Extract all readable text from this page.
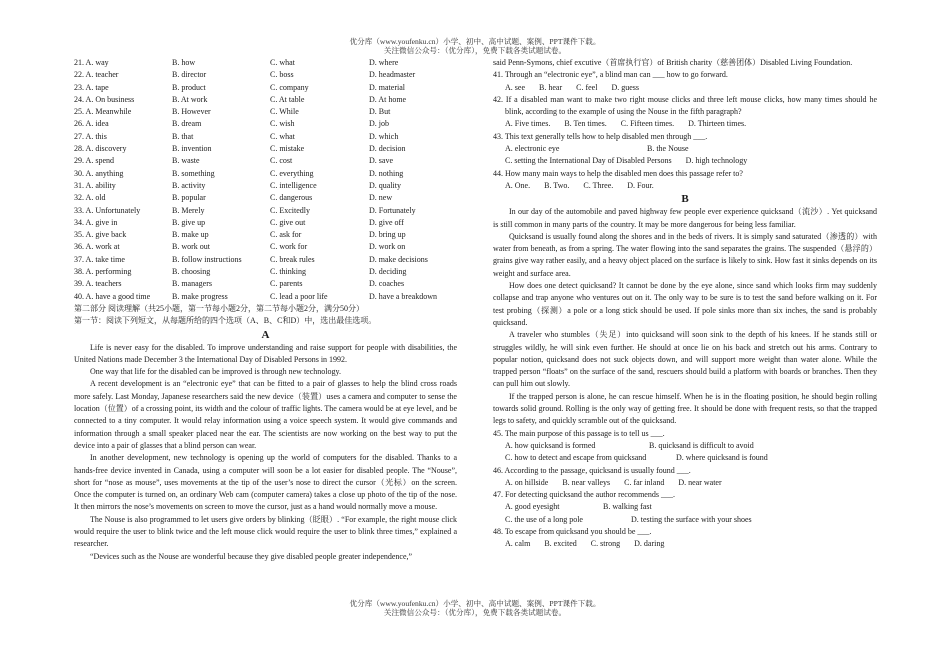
优分库（www.youfenku.cn）小学、初中、高中试题、案例、PPT课件下载。
关注微信公众号：（优分库），免费下载各类试题试卷。
21. A. way	B. how	C. what	D. where
22. A. teacher	B. director	C. boss	D. headmaster
23. A. tape	B. product	C. company	D. material
24. A. On business	B. At work	C. At table	D. At home
25. A. Meanwhile	B. However	C. While	D. But
26. A. idea	B. dream	C. wish	D. job
27. A. this	B. that	C. what	D. which
28. A. discovery	B. invention	C. mistake	D. decision
29. A. spend	B. waste	C. cost	D. save
30. A. anything	B. something	C. everything	D. nothing
31. A. ability	B. activity	C. intelligence	D. quality
32. A. old	B. popular	C. dangerous	D. new
33. A. Unfortunately	B. Merely	C. Excitedly	D. Fortunately
34. A. give in	B. give up	C. give out	D. give off
35. A. give back	B. make up	C. ask for	D. bring up
36. A. work at	B. work out	C. work for	D. work on
37. A. take time	B. follow instructions	C. break rules	D. make decisions
38. A. performing	B. choosing	C. thinking	D. deciding
39. A. teachers	B. managers	C. parents	D. coaches
40. A. have a good time	B. make progress	C. lead a poor life	D. have a breakdown
第二部分 阅读理解（共25小题，第一节每小题2分，第二节每小题2分，满分50分）
第一节：阅读下列短文，从每题所给的四个选项（A、B、C和D）中，选出最佳选项。
A

Life is never easy for the disabled. To improve understanding and raise support for people with disabilities, the United Nations made December 3 the International Day of Disabled Persons in 1992.

One way that life for the disabled can be improved is through new technology.

A recent development is an “electronic eye” that can be fitted to a pair of glasses to help the blind cross roads more safely. Last Monday, Japanese researchers said the new device（装置）uses a camera and computer to sense the location（位置）of a crossing point, its width and the colour of traffic lights. The camera would be at eye level, and be connected to a tiny computer. It would relay information using a voice speech system. It would give commands and information through a small speaker placed near the ear. The scientists are now working on the best way to put the device into a pair of glasses that a blind person can wear.

In another development, new technology is opening up the world of computers for the disabled. Thanks to a hands-free device invented in Canada, using a computer will soon be a lot easier for disabled people. The “Nouse”, short for “nose as mouse”, uses movements at the tip of the user’s nose to direct the cursor（光标）on the screen. Once the computer is turned on, an ordinary Web cam (computer camera) takes a close up photo of the tip of the nose. It then mirrors the nose’s movements on screen to move the cursor, just as a hand would normally move a mouse.

The Nouse is also programmed to let users give orders by blinking（眨眼）. “For example, the right mouse click would require the user to blink twice and the left mouse click would require the user to blink three times,” explained a researcher.

“Devices such as the Nouse are wonderful because they give disabled people greater independence,”

said Penn-Symons, chief excutive（首席执行官）of British charity（慈善团体）Disabled Living Foundation.

41. Through an “electronic eye”, a blind man can ___ how to go forward.
A. see B. hear C. feel D. guess
42. If a disabled man want to make two right mouse clicks and three left mouse clicks, how many times should he blink, according to the example of using the Nouse in the fifth paragraph?
A. Five times. B. Ten times. C. Fifteen times. D. Thirteen times.
43. This text generally tells how to help disabled men through ___.
A. electronic eye	B. the Nouse
C. setting the International Day of Disabled Persons D. high technology
44. How many main ways to help the disabled men does this passage refer to?
A. One. B. Two. C. Three. D. Four.
B

In our day of the automobile and paved highway few people ever experience quicksand（流沙）. Yet quicksand is still common in many parts of the country. It may be more dangerous for being less familiar.

Quicksand is usually found along the shores and in the beds of rivers. It is simply sand saturated（渗透的）with water from beneath, as from a spring. The water flowing into the sand separates the grains. The suspended（悬浮的）grains give way rather easily, and a heavy object placed on the surface is likely to sink. How fast it sinks depends on its weight and surface area.

How does one detect quicksand? It cannot be done by the eye alone, since sand which looks firm may suddenly collapse and trap anyone who ventures out on it. The only way to be sure is to test the sand before walking on it. For test probing（探测）a pole or a long stick should be used. If pole sinks more than six inches, the sand is probably quicksand.

A traveler who stumbles（失足）into quicksand will soon sink to the depth of his knees. If he stands still or struggles wildly, he will sink even further. He should at once lie on his back and stretch out his arms. Contrary to popular notion, quicksand does not suck objects down, and will support more weight than water alone. While the trapped person “floats” on the surface of the sand, rescuers should build a platform with boards or branches. Then they can pull him out slowly.

If the trapped person is alone, he can rescue himself. When he is in the floating position, he should begin rolling towards solid ground. Rolling is the only way of getting free. It should be done with frequent rests, so that the trapped legs to safety, and quickly scramble out of the quicksand.

45. The main purpose of this passage is to tell us ___.
A. how quicksand is formed	B. quicksand is difficult to avoid
C. how to detect and escape from quicksand	D. where quicksand is found
46. According to the passage, quicksand is usually found ___.
A. on hillside B. near valleys C. far inland D. near water
47. For detecting quicksand the author recommends ___.
A. good eyesight	B. walking fast
C. the use of a long pole	D. testing the surface with your shoes
48. To escape from quicksand you should be ___.
A. calm B. excited C. strong D. daring
优分库（www.youfenku.cn）小学、初中、高中试题、案例、PPT课件下载。
关注微信公众号：（优分库），免费下载各类试题试卷。
